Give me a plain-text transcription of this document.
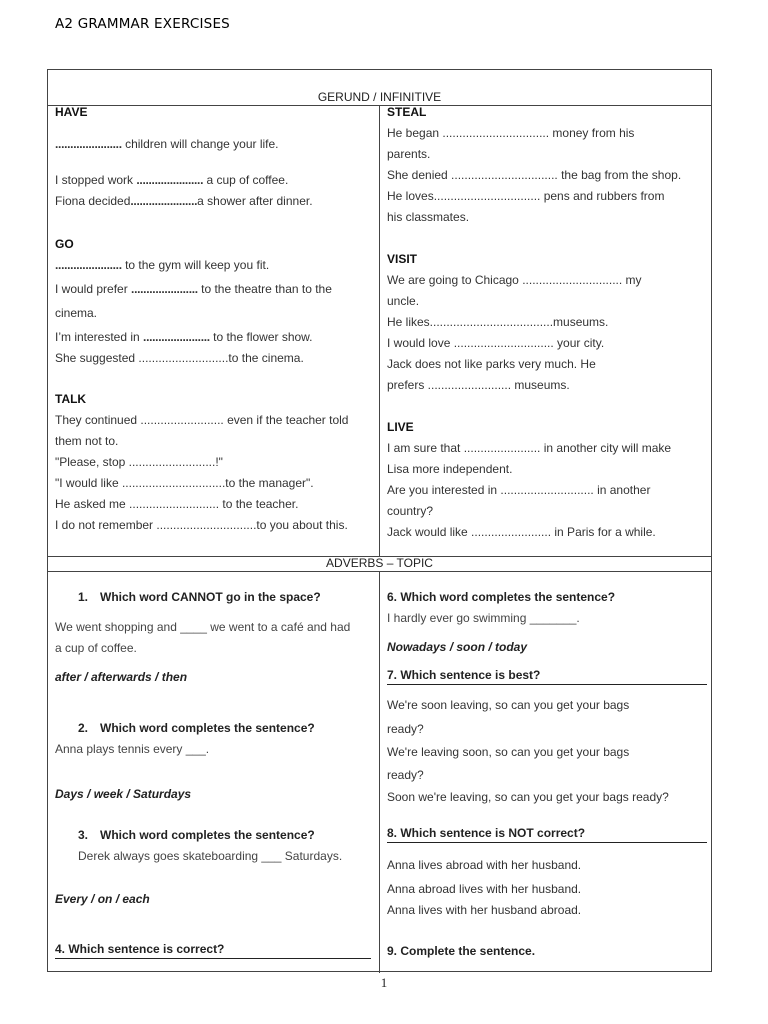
A2 GRAMMAR EXERCISES
GERUND / INFINITIVE
ADVERBS – TOPIC

HAVE

...................... children will change your life.

I stopped work ...................... a cup of coffee.

Fiona decided......................a shower after dinner.

GO

...................... to the gym will keep you fit.

I would prefer ...................... to the theatre than to the

cinema.

I’m interested in ...................... to the flower show.

She suggested ...........................to the cinema.

TALK

They continued ......................... even if the teacher told

them not to.

"Please, stop ..........................!"

"I would like ...............................to the manager".

He asked me ........................... to the teacher.

I do not remember ..............................to you about this.

STEAL

He began ................................ money from his

parents.

She denied ................................ the bag from the shop.

He loves................................ pens and rubbers from

his classmates.

VISIT

We are going to Chicago .............................. my

uncle.

He likes.....................................museums.

I would love .............................. your city.

Jack does not like parks very much. He

prefers ......................... museums.

LIVE

I am sure that ....................... in another city will make

Lisa more independent.

Are you interested in ............................ in another

country?

Jack would like ........................ in Paris for a while.

1. Which word CANNOT go in the space?

We went shopping and ____ we went to a café and had

a cup of coffee.

after / afterwards / then

2. Which word completes the sentence?

Anna plays tennis every ___.

Days / week / Saturdays

3. Which word completes the sentence?

Derek always goes skateboarding ___ Saturdays.

Every / on / each

4. Which sentence is correct?

6. Which word completes the sentence?

I hardly ever go swimming _______.

Nowadays / soon / today

7. Which sentence is best?

We're soon leaving, so can you get your bags

ready?

We're leaving soon, so can you get your bags

ready?

Soon we're leaving, so can you get your bags ready?

8. Which sentence is NOT correct?

Anna lives abroad with her husband.

Anna abroad lives with her husband.

Anna lives with her husband abroad.

9. Complete the sentence.

1
